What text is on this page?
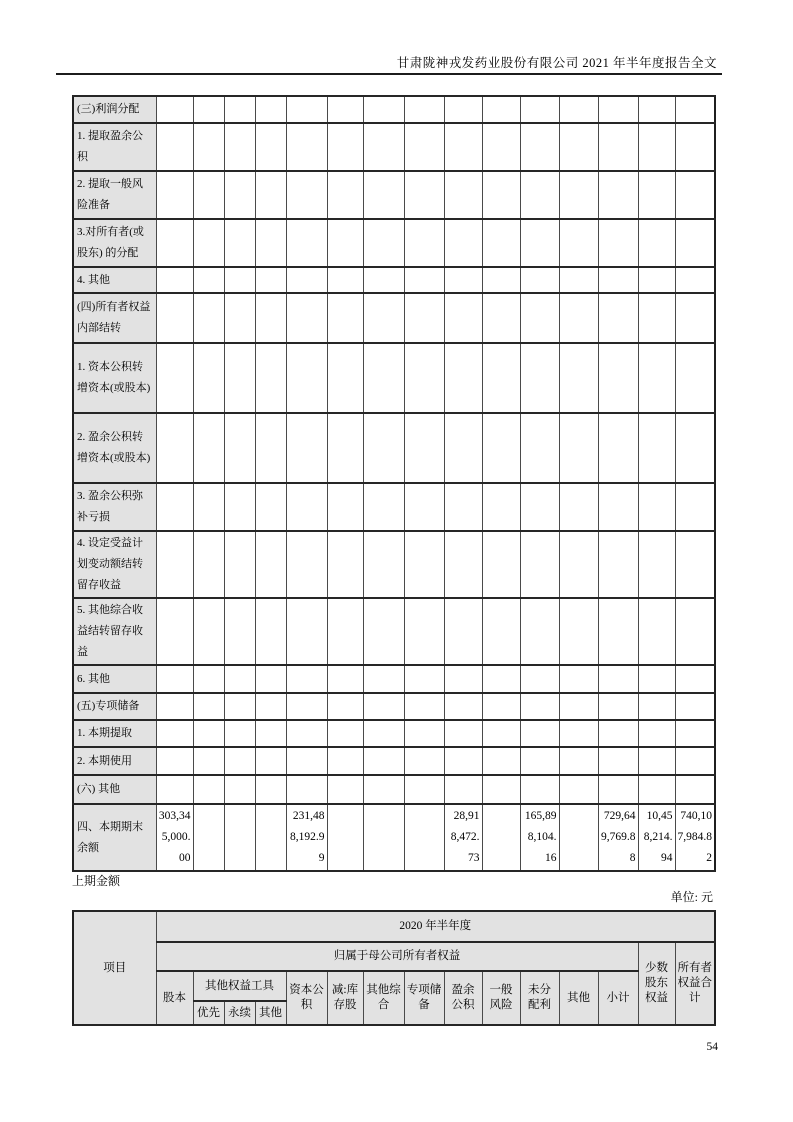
甘肃陇神戎发药业股份有限公司 2021 年半年度报告全文
(三)利润分配															
1. 提取盈余公积															
2. 提取一般风险准备															
3.对所有者(或股东) 的分配															
4. 其他															
(四)所有者权益内部结转															
1. 资本公积转增资本(或股本)															
2. 盈余公积转增资本(或股本)															
3. 盈余公积弥补亏损															
4. 设定受益计划变动额结转留存收益															
5. 其他综合收益结转留存收益															
6. 其他															
(五)专项储备															
1. 本期提取															
2. 本期使用															
(六) 其他															
四、本期期末余额	303,345,000.00				231,488,192.99				28,918,472.73		165,898,104.16		729,649,769.88	10,458,214.94	740,107,984.82
上期金额
单位: 元
项目	2020 年半年度														
	归属于母公司所有者权益													少数股东权益	所有者权益合计
	股本	其他权益工具			资本公积	减:库存股	其他综合	专项储备	盈余公积	一般风险	未分配利	其他	小计		
		优先	永续	其他											
54
